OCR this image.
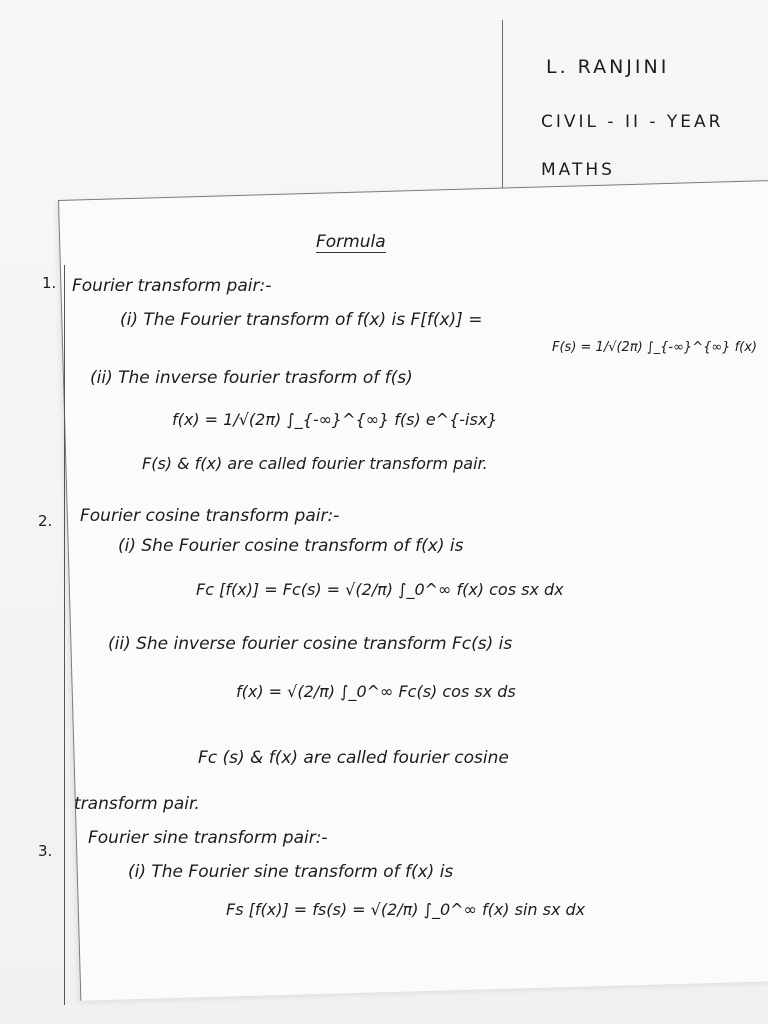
L. RANJINI
CIVIL - II - YEAR
MATHS
Formula
1. Fourier transform pair:-
(i) The Fourier transform of f(x) is F[f(x)] =
F(s) = 1/√(2π) ∫_{-∞}^{∞} f(x)
(ii) The inverse fourier trasform of f(s)
f(x) = 1/√(2π) ∫_{-∞}^{∞} f(s) e^{-isx}
F(s) & f(x) are called fourier transform pair.
2. Fourier cosine transform pair:-
(i) She Fourier cosine transform of f(x) is
Fc [f(x)] = Fc(s) = √(2/π) ∫_0^∞ f(x) cos sx dx
(ii) She inverse fourier cosine transform Fc(s) is
f(x) = √(2/π) ∫_0^∞ Fc(s) cos sx ds
Fc (s) & f(x) are called fourier cosine
transform pair.
3.
Fourier sine transform pair:-
(i) The Fourier sine transform of f(x) is
Fs [f(x)] = fs(s) = √(2/π) ∫_0^∞ f(x) sin sx dx
